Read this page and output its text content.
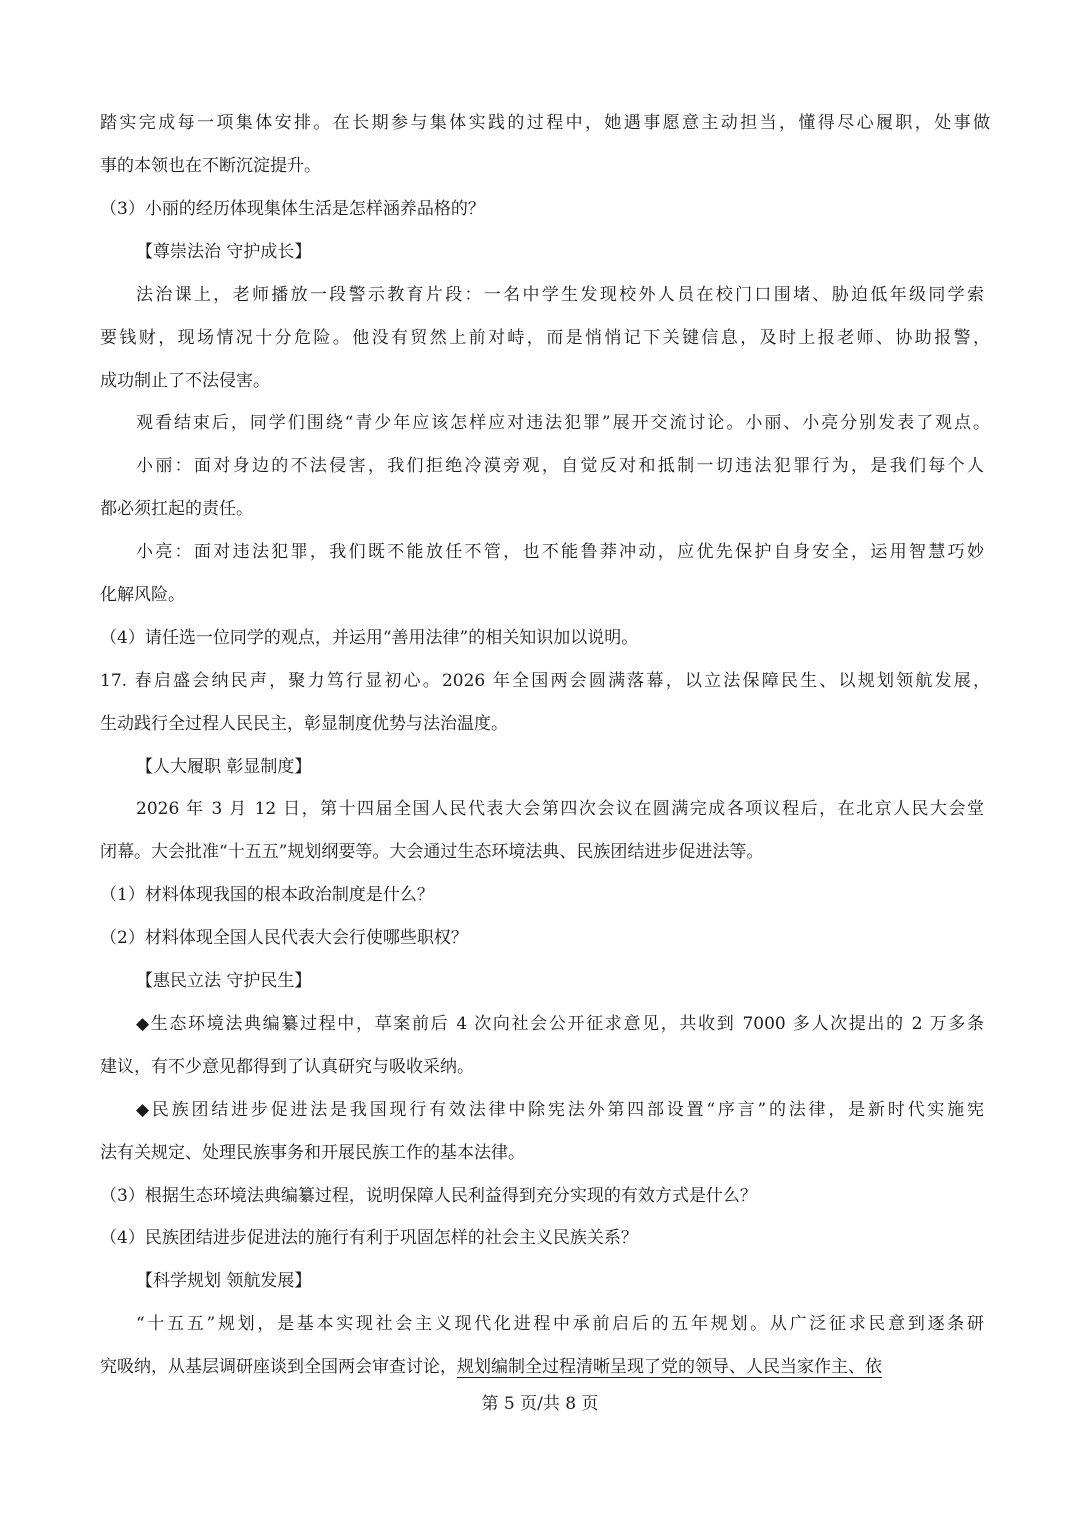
踏实完成每一项集体安排。在长期参与集体实践的过程中，她遇事愿意主动担当，懂得尽心履职，处事做
事的本领也在不断沉淀提升。
（3）小丽的经历体现集体生活是怎样涵养品格的？
【尊崇法治 守护成长】
法治课上，老师播放一段警示教育片段：一名中学生发现校外人员在校门口围堵、胁迫低年级同学索
要钱财，现场情况十分危险。他没有贸然上前对峙，而是悄悄记下关键信息，及时上报老师、协助报警，
成功制止了不法侵害。
观看结束后，同学们围绕“青少年应该怎样应对违法犯罪”展开交流讨论。小丽、小亮分别发表了观点。
小丽：面对身边的不法侵害，我们拒绝冷漠旁观，自觉反对和抵制一切违法犯罪行为，是我们每个人
都必须扛起的责任。
小亮：面对违法犯罪，我们既不能放任不管，也不能鲁莽冲动，应优先保护自身安全，运用智慧巧妙
化解风险。
（4）请任选一位同学的观点，并运用“善用法律”的相关知识加以说明。
17. 春启盛会纳民声，聚力笃行显初心。2026 年全国两会圆满落幕，以立法保障民生、以规划领航发展，
生动践行全过程人民民主，彰显制度优势与法治温度。
【人大履职 彰显制度】
2026 年 3 月 12 日，第十四届全国人民代表大会第四次会议在圆满完成各项议程后，在北京人民大会堂
闭幕。大会批准“十五五”规划纲要等。大会通过生态环境法典、民族团结进步促进法等。
（1）材料体现我国的根本政治制度是什么？
（2）材料体现全国人民代表大会行使哪些职权？
【惠民立法 守护民生】
◆生态环境法典编纂过程中，草案前后 4 次向社会公开征求意见，共收到 7000 多人次提出的 2 万多条
建议，有不少意见都得到了认真研究与吸收采纳。
◆民族团结进步促进法是我国现行有效法律中除宪法外第四部设置“序言”的法律，是新时代实施宪
法有关规定、处理民族事务和开展民族工作的基本法律。
（3）根据生态环境法典编纂过程，说明保障人民利益得到充分实现的有效方式是什么？
（4）民族团结进步促进法的施行有利于巩固怎样的社会主义民族关系？
【科学规划 领航发展】
“十五五”规划，是基本实现社会主义现代化进程中承前启后的五年规划。从广泛征求民意到逐条研
究吸纳，从基层调研座谈到全国两会审查讨论，规划编制全过程清晰呈现了党的领导、人民当家作主、依
第 5 页/共 8 页
